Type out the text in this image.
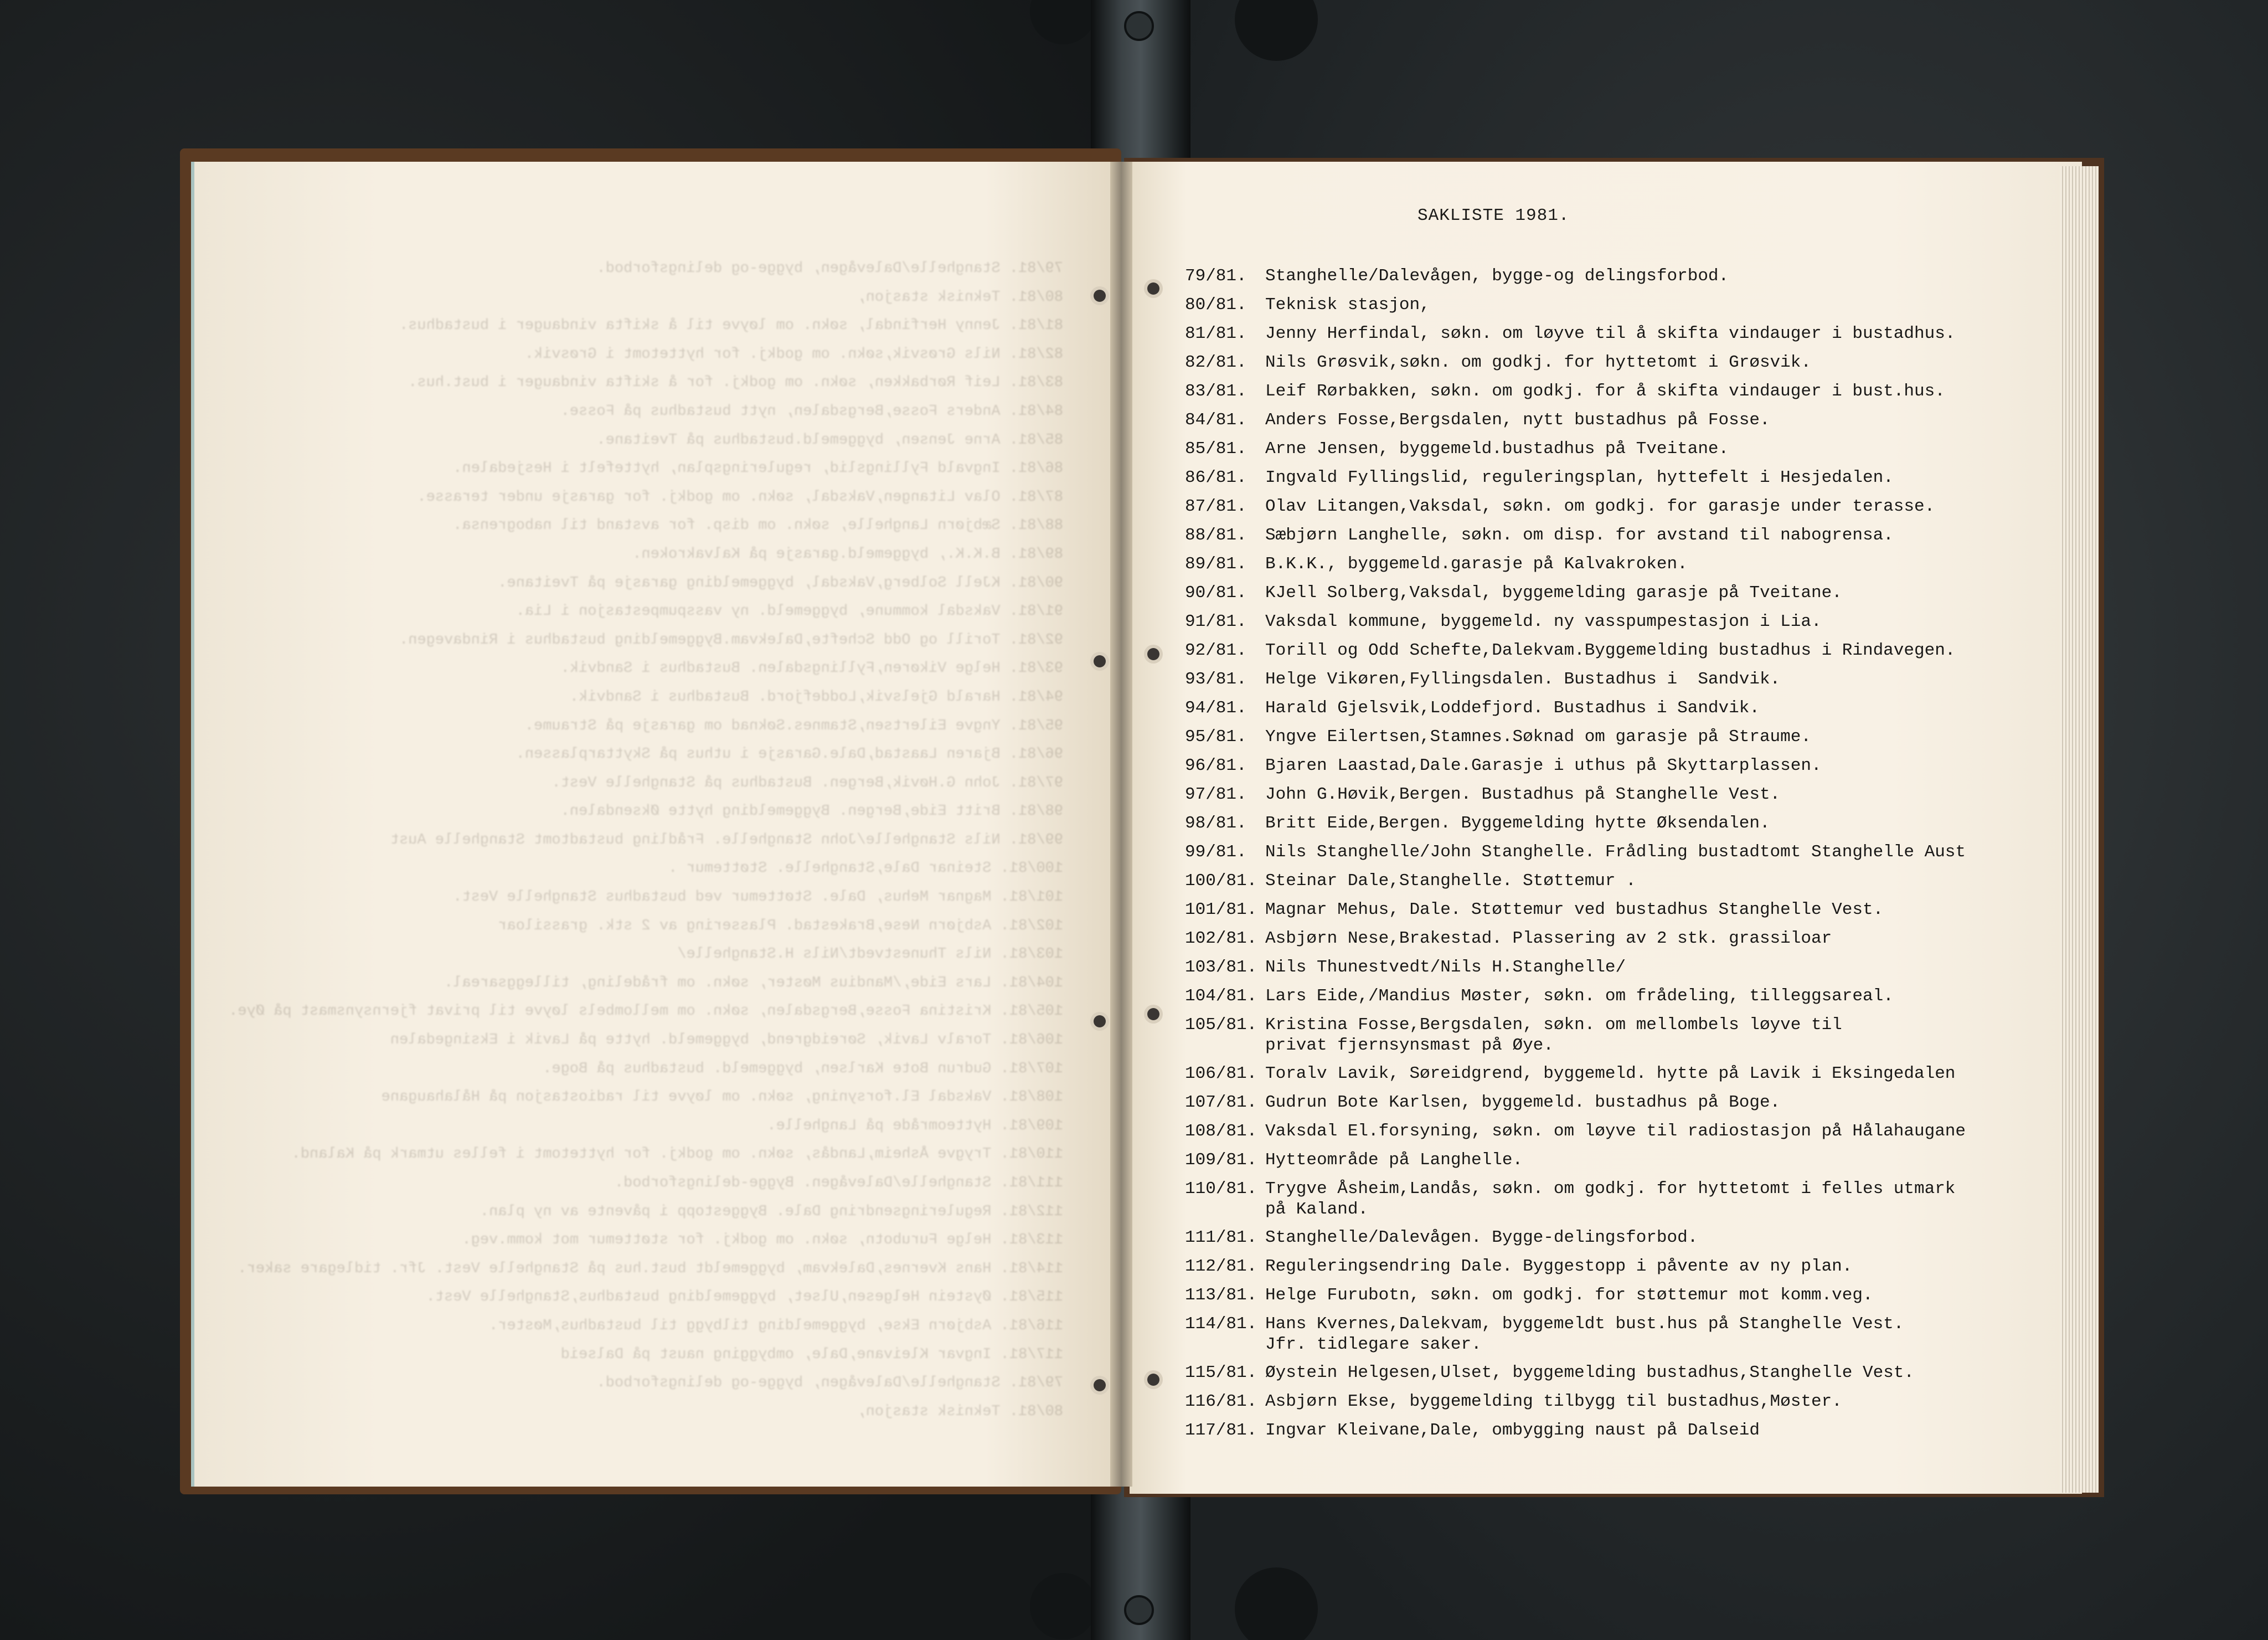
79/81. Stanghelle/Dalevågen, bygge-og delingsforbod.
80/81. Teknisk stasjon,
81/81. Jenny Herfindal, søkn. om løyve til å skifta vindauger i bustadhus.
82/81. Nils Grøsvik,søkn. om godkj. for hyttetomt i Grøsvik.
83/81. Leif Rørbakken, søkn. om godkj. for å skifta vindauger i bust.hus.
84/81. Anders Fosse,Bergsdalen, nytt bustadhus på Fosse.
85/81. Arne Jensen, byggemeld.bustadhus på Tveitane.
86/81. Ingvald Fyllingslid, reguleringsplan, hyttefelt i Hesjedalen.
87/81. Olav Litangen,Vaksdal, søkn. om godkj. for garasje under terasse.
88/81. Sæbjørn Langhelle, søkn. om disp. for avstand til nabogrensa.
89/81. B.K.K., byggemeld.garasje på Kalvakroken.
90/81. KJell Solberg,Vaksdal, byggemelding garasje på Tveitane.
91/81. Vaksdal kommune, byggemeld. ny vasspumpestasjon i Lia.
92/81. Torill og Odd Schefte,Dalekvam.Byggemelding bustadhus i Rindavegen.
93/81. Helge Vikøren,Fyllingsdalen. Bustadhus i Sandvik.
94/81. Harald Gjelsvik,Loddefjord. Bustadhus i Sandvik.
95/81. Yngve Eilertsen,Stamnes.Søknad om garasje på Straume.
96/81. Bjaren Laastad,Dale.Garasje i uthus på Skyttarplassen.
97/81. John G.Høvik,Bergen. Bustadhus på Stanghelle Vest.
98/81. Britt Eide,Bergen. Byggemelding hytte Øksendalen.
99/81. Nils Stanghelle/John Stanghelle. Frådling bustadtomt Stanghelle Aust
100/81. Steinar Dale,Stanghelle. Støttemur .
101/81. Magnar Mehus, Dale. Støttemur ved bustadhus Stanghelle Vest.
102/81. Asbjørn Nese,Brakestad. Plassering av 2 stk. grassiloar
103/81. Nils Thunestvedt/Nils H.Stanghelle/
104/81. Lars Eide,/Mandius Møster, søkn. om frådeling, tilleggsareal.
105/81. Kristina Fosse,Bergsdalen, søkn. om mellombels løyve til privat fjernsynsmast på Øye.
106/81. Toralv Lavik, Søreidgrend, byggemeld. hytte på Lavik i Eksingedalen
107/81. Gudrun Bote Karlsen, byggemeld. bustadhus på Boge.
108/81. Vaksdal El.forsyning, søkn. om løyve til radiostasjon på Hålahaugane
109/81. Hytteområde på Langhelle.
110/81. Trygve Åsheim,Landås, søkn. om godkj. for hyttetomt i felles utmark på Kaland.
111/81. Stanghelle/Dalevågen. Bygge-delingsforbod.
112/81. Reguleringsendring Dale. Byggestopp i påvente av ny plan.
113/81. Helge Furubotn, søkn. om godkj. for støttemur mot komm.veg.
114/81. Hans Kvernes,Dalekvam, byggemeldt bust.hus på Stanghelle Vest. Jfr. tidlegare saker.
115/81. Øystein Helgesen,Ulset, byggemelding bustadhus,Stanghelle Vest.
116/81. Asbjørn Ekse, byggemelding tilbygg til bustadhus,Møster.
117/81. Ingvar Kleivane,Dale, ombygging naust på Dalseid
79/81. Stanghelle/Dalevågen, bygge-og delingsforbod.
80/81. Teknisk stasjon,
SAKLISTE 1981.
79/81.	Stanghelle/Dalevågen, bygge-og delingsforbod.
80/81.	Teknisk stasjon,
81/81.	Jenny Herfindal, søkn. om løyve til å skifta vindauger i bustadhus.
82/81.	Nils Grøsvik,søkn. om godkj. for hyttetomt i Grøsvik.
83/81.	Leif Rørbakken, søkn. om godkj. for å skifta vindauger i bust.hus.
84/81.	Anders Fosse,Bergsdalen, nytt bustadhus på Fosse.
85/81.	Arne Jensen, byggemeld.bustadhus på Tveitane.
86/81.	Ingvald Fyllingslid, reguleringsplan, hyttefelt i Hesjedalen.
87/81.	Olav Litangen,Vaksdal, søkn. om godkj. for garasje under terasse.
88/81.	Sæbjørn Langhelle, søkn. om disp. for avstand til nabogrensa.
89/81.	B.K.K., byggemeld.garasje på Kalvakroken.
90/81.	KJell Solberg,Vaksdal, byggemelding garasje på Tveitane.
91/81.	Vaksdal kommune, byggemeld. ny vasspumpestasjon i Lia.
92/81.	Torill og Odd Schefte,Dalekvam.Byggemelding bustadhus i Rindavegen.
93/81.	Helge Vikøren,Fyllingsdalen. Bustadhus i  Sandvik.
94/81.	Harald Gjelsvik,Loddefjord. Bustadhus i Sandvik.
95/81.	Yngve Eilertsen,Stamnes.Søknad om garasje på Straume.
96/81.	Bjaren Laastad,Dale.Garasje i uthus på Skyttarplassen.
97/81.	John G.Høvik,Bergen. Bustadhus på Stanghelle Vest.
98/81.	Britt Eide,Bergen. Byggemelding hytte Øksendalen.
99/81.	Nils Stanghelle/John Stanghelle. Frådling bustadtomt Stanghelle Aust
100/81. Steinar Dale,Stanghelle. Støttemur .
101/81. Magnar Mehus, Dale. Støttemur ved bustadhus Stanghelle Vest.
102/81. Asbjørn Nese,Brakestad. Plassering av 2 stk. grassiloar
103/81. Nils Thunestvedt/Nils H.Stanghelle/
104/81. Lars Eide,/Mandius Møster, søkn. om frådeling, tilleggsareal.
105/81. Kristina Fosse,Bergsdalen, søkn. om mellombels løyve til
privat fjernsynsmast på Øye.
106/81. Toralv Lavik, Søreidgrend, byggemeld. hytte på Lavik i Eksingedalen
107/81. Gudrun Bote Karlsen, byggemeld. bustadhus på Boge.
108/81. Vaksdal El.forsyning, søkn. om løyve til radiostasjon på Hålahaugane
109/81. Hytteområde på Langhelle.
110/81. Trygve Åsheim,Landås, søkn. om godkj. for hyttetomt i felles utmark
på Kaland.
111/81. Stanghelle/Dalevågen. Bygge-delingsforbod.
112/81. Reguleringsendring Dale. Byggestopp i påvente av ny plan.
113/81. Helge Furubotn, søkn. om godkj. for støttemur mot komm.veg.
114/81. Hans Kvernes,Dalekvam, byggemeldt bust.hus på Stanghelle Vest.
Jfr. tidlegare saker.
115/81. Øystein Helgesen,Ulset, byggemelding bustadhus,Stanghelle Vest.
116/81. Asbjørn Ekse, byggemelding tilbygg til bustadhus,Møster.
117/81. Ingvar Kleivane,Dale, ombygging naust på Dalseid
